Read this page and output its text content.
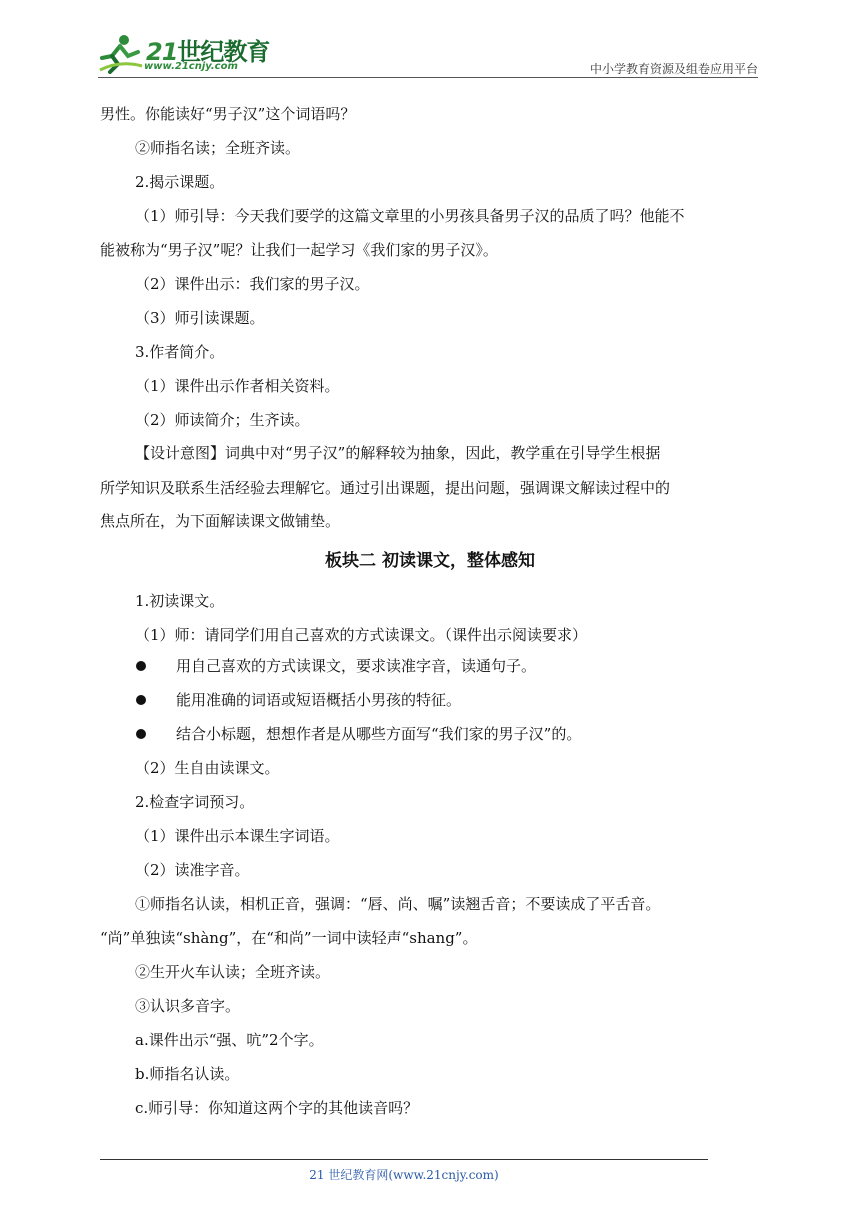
21世纪教育
www.21cnjy.com	中小学教育资源及组卷应用平台
男性。你能读好“男子汉”这个词语吗？
②师指名读；全班齐读。
2.揭示课题。
（1）师引导：今天我们要学的这篇文章里的小男孩具备男子汉的品质了吗？他能不
能被称为“男子汉”呢？让我们一起学习《我们家的男子汉》。
（2）课件出示：我们家的男子汉。
（3）师引读课题。
3.作者简介。
（1）课件出示作者相关资料。
（2）师读简介；生齐读。
【设计意图】词典中对“男子汉”的解释较为抽象，因此，教学重在引导学生根据
所学知识及联系生活经验去理解它。通过引出课题，提出问题，强调课文解读过程中的
焦点所在，为下面解读课文做铺垫。
板块二 初读课文，整体感知
1.初读课文。
（1）师：请同学们用自己喜欢的方式读课文。（课件出示阅读要求）
用自己喜欢的方式读课文，要求读准字音，读通句子。
能用准确的词语或短语概括小男孩的特征。
结合小标题，想想作者是从哪些方面写“我们家的男子汉”的。
（2）生自由读课文。
2.检查字词预习。
（1）课件出示本课生字词语。
（2）读准字音。
①师指名认读，相机正音，强调：“唇、尚、嘱”读翘舌音；不要读成了平舌音。
“尚”单独读“shàng”，在“和尚”一词中读轻声“shang”。
②生开火车认读；全班齐读。
③认识多音字。
a.课件出示“强、吭”2个字。
b.师指名认读。
c.师引导：你知道这两个字的其他读音吗？
21 世纪教育网(www.21cnjy.com)
